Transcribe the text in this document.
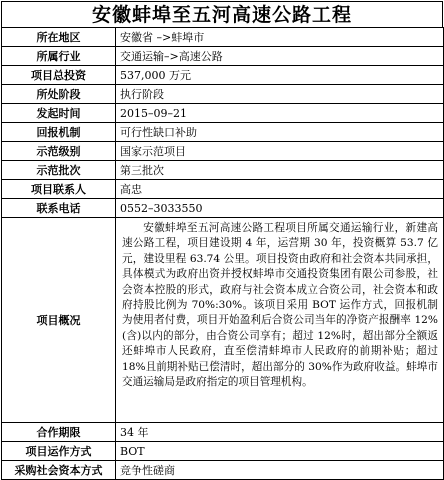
安徽蚌埠至五河高速公路工程
所在地区	安徽省 –>蚌埠市
所属行业	交通运输–>高速公路
项目总投资	537,000 万元
所处阶段	执行阶段
发起时间	2015–09–21
回报机制	可行性缺口补助
示范级别	国家示范项目
示范批次	第三批次
项目联系人	高忠
联系电话	0552–3033550
项目概况	安徽蚌埠至五河高速公路工程项目所属交通运输行业，新建高速公路工程，项目建设期 4 年，运营期 30 年，投资概算 53.7 亿元，建设里程 63.74 公里。项目投资由政府和社会资本共同承担，具体模式为政府出资并授权蚌埠市交通投资集团有限公司参股，社会资本控股的形式，政府与社会资本成立合资公司，社会资本和政府持股比例为 70%:30%。该项目采用 BOT 运作方式，回报机制为使用者付费，项目开始盈利后合资公司当年的净资产报酬率 12%(含)以内的部分，由合资公司享有；超过 12%时，超出部分全额返还蚌埠市人民政府，直至偿清蚌埠市人民政府的前期补贴；超过 18%且前期补贴已偿清时，超出部分的 30%作为政府收益。蚌埠市交通运输局是政府指定的项目管理机构。
合作期限	34 年
项目运作方式	BOT
采购社会资本方式	竞争性磋商
